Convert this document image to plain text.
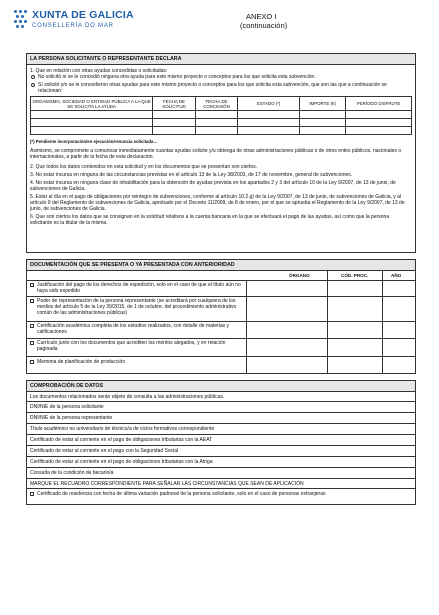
XUNTA DE GALICIA
CONSELLERÍA DO MAR
ANEXO I
(continuación)
LA PERSONA SOLICITANTE O REPRESENTANTE DECLARA
1. Que en relación con otras ayudas concedidas o solicitadas:
No solicitó ni se le concedió ninguna otra ayuda para este mismo proyecto o conceptos para los que solicita esta subvención.
Sí solicitó y/o se le concedieron otras ayudas para este mismo proyecto o conceptos para los que solicita esta subvención, que son las que a continuación se relacionan:
ORGANISMO, SOCIEDAD O ENTIDAD PÚBLICA A LA QUE SE SOLICITA LA AYUDA	FECHA DE SOLICITUD	FECHA DE CONCESIÓN	ESTADO (*)	IMPORTE (€)	PERÍODO DISFRUTE

(*) Pendiente incorporación/en ejecución/renuncia solicitada…
Asimismo, se compromete a comunicar inmediatamente cuantas ayudas solicite y/u obtenga de otras administraciones públicas o de otros entes públicos, nacionales o internacionales, a partir de la fecha de esta declaración.
2. Que todos los datos contenidos en esta solicitud y en los documentos que se presentan son ciertos.
3. No estar incursa en ninguna de las circunstancias previstas en el artículo 13 de la Ley 38/2003, de 17 de noviembre, general de subvenciones.
4. No estar incursa en ninguna clase de inhabilitación para la obtención de ayudas prevista en los apartados 2 y 3 del artículo 10 de la Ley 9/2007, de 13 de junio, de subvenciones de Galicia.
5. Estar al día en el pago de obligaciones por reintegro de subvenciones, conforme al artículo 10.2.g) de la Ley 9/2007, de 13 de junio, de subvenciones de Galicia, y al artículo 9 del Reglamento de subvenciones de Galicia, aprobado por el Decreto 11/2009, de 8 de enero, por el que se aprueba el Reglamento de la Ley 9/2007, de 13 de junio, de subvenciones de Galicia.
6. Que son ciertos los datos que se consignan en la solicitud relativos a la cuenta bancaria en la que se efectuará el pago de las ayudas, así como que la persona solicitante es la titular de la misma.
DOCUMENTACIÓN QUE SE PRESENTA O YA PRESENTADA CON ANTERIORIDAD
ÓRGANO	CÓD. PROC.	AÑO
Justificación del pago de los derechos de expedición, solo en el caso de que el título aún no haya sido expedido
Poder de representación de la persona representante (se acreditará por cualquiera de los medios del artículo 5 de la Ley 39/2015, de 1 de octubre, del procedimiento administrativo común de las administraciones públicas)
Certificación académica completa de los estudios realizados, con detalle de materias y calificaciones
Currículo junto con los documentos que acrediten los méritos alegados, y en relación paginada
Memoria de planificación de producción
COMPROBACIÓN DE DATOS
Los documentos relacionados serán objeto de consulta a las administraciones públicas.
DNI/NIE de la persona solicitante
DNI/NIE de la persona representante
Título académico no universitario de técnico/a de ciclos formativos correspondiente
Certificado de estar al corriente en el pago de obligaciones tributarias con la AEAT
Certificado de estar al corriente en el pago con la Seguridad Social
Certificado de estar al corriente en el pago de obligaciones tributarias con la Atriga
Consulta de la condición de becario/a
MARQUE EL RECUADRO CORRESPONDIENTE PARA SEÑALAR LAS CIRCUNSTANCIAS QUE SEAN DE APLICACIÓN
Certificado de residencia con fecha de última variación padronal de la persona solicitante, solo en el caso de personas extranjeras
